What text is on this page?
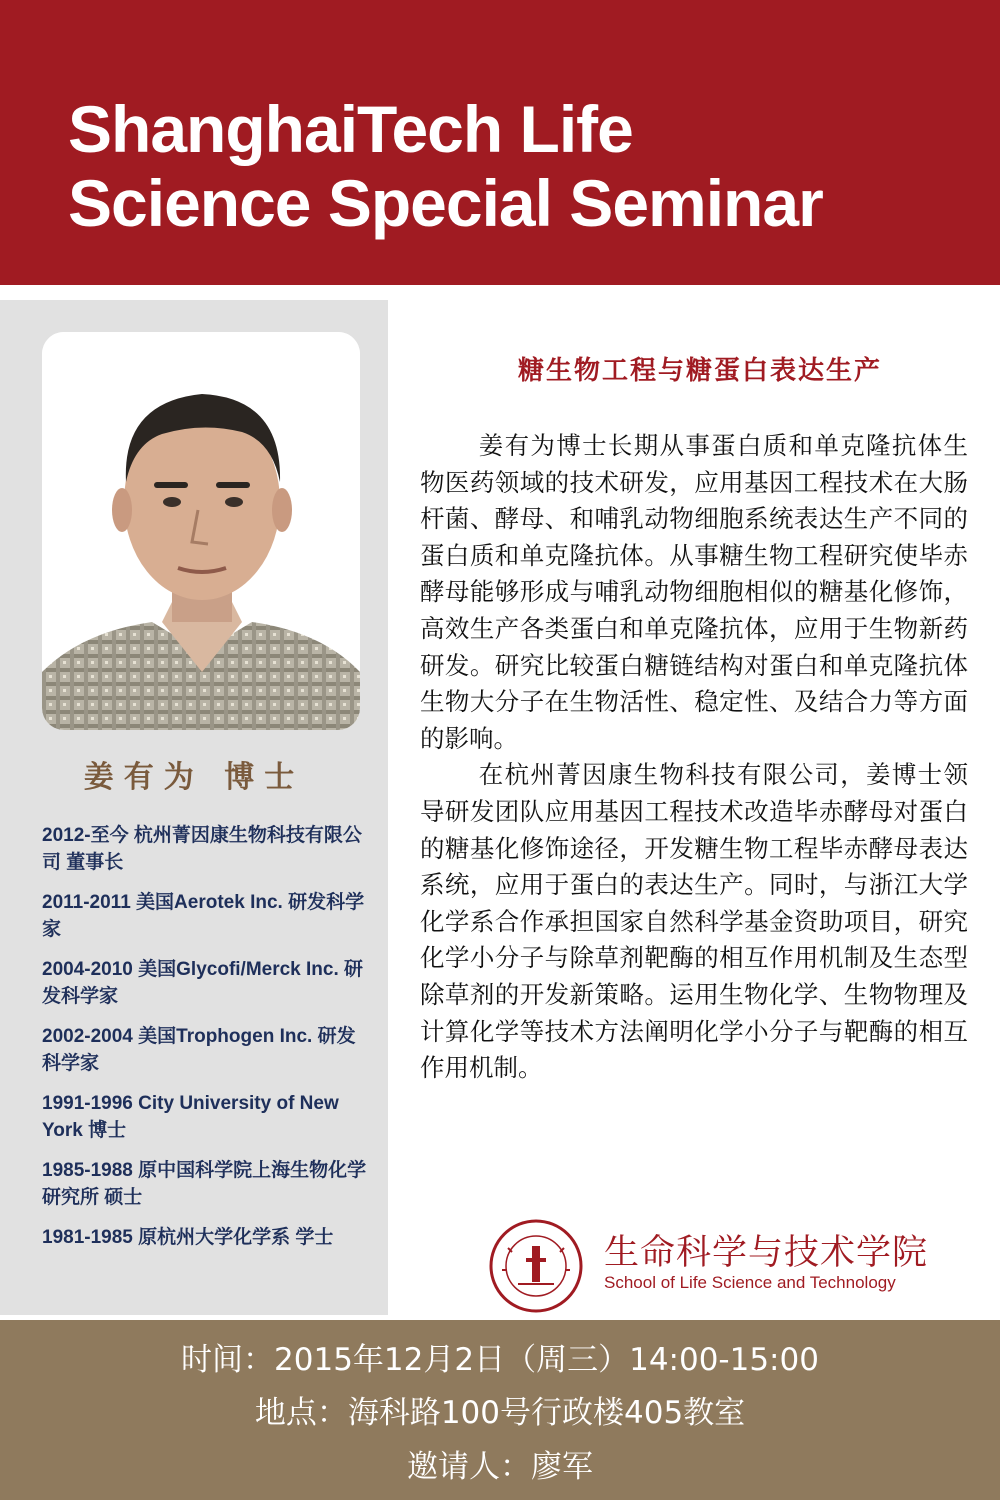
ShanghaiTech Life
Science Special Seminar

姜有为 博士

2012-至今 杭州菁因康生物科技有限公司 董事长
2011-2011 美国Aerotek Inc. 研发科学家
2004-2010 美国Glycofi/Merck Inc. 研发科学家
2002-2004 美国Trophogen Inc. 研发科学家
1991-1996 City University of New York 博士
1985-1988 原中国科学院上海生物化学研究所 硕士
1981-1985 原杭州大学化学系 学士
糖生物工程与糖蛋白表达生产

姜有为博士长期从事蛋白质和单克隆抗体生物医药领域的技术研发，应用基因工程技术在大肠杆菌、酵母、和哺乳动物细胞系统表达生产不同的蛋白质和单克隆抗体。从事糖生物工程研究使毕赤酵母能够形成与哺乳动物细胞相似的糖基化修饰，高效生产各类蛋白和单克隆抗体，应用于生物新药研发。研究比较蛋白糖链结构对蛋白和单克隆抗体生物大分子在生物活性、稳定性、及结合力等方面的影响。

在杭州菁因康生物科技有限公司，姜博士领导研发团队应用基因工程技术改造毕赤酵母对蛋白的糖基化修饰途径，开发糖生物工程毕赤酵母表达系统，应用于蛋白的表达生产。同时，与浙江大学化学系合作承担国家自然科学基金资助项目，研究化学小分子与除草剂靶酶的相互作用机制及生态型除草剂的开发新策略。运用生物化学、生物物理及计算化学等技术方法阐明化学小分子与靶酶的相互作用机制。

生命科学与技术学院

School of Life Science and Technology

时间：2015年12月2日（周三）14:00-15:00

地点：海科路100号行政楼405教室

邀请人：廖军
